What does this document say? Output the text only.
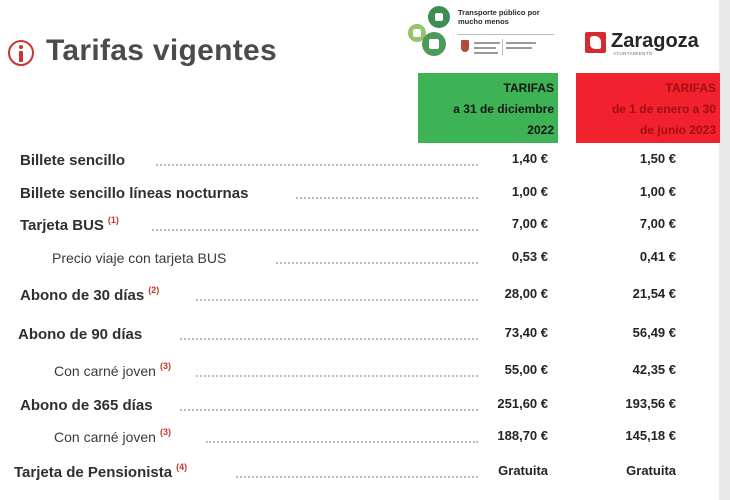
Tarifas vigentes
Transporte público por mucho menos
Zaragoza
AYUNTAMIENTO
TARIFAS
a 31 de diciembre
2022
TARIFAS
de 1 de enero a 30
de junio 2023
Billete sencillo	1,40 €	1,50 €
Billete sencillo líneas nocturnas	1,00 €	1,00 €
Tarjeta BUS $^{(1)}$	7,00 €	7,00 €
Precio viaje con tarjeta BUS	0,53 €	0,41 €
Abono de 30 días $^{(2)}$	28,00 €	21,54 €
Abono de 90 días	73,40 €	56,49 €
Con carné joven $^{(3)}$	55,00 €	42,35 €
Abono de 365 días	251,60 €	193,56 €
Con carné joven $^{(3)}$	188,70 €	145,18 €
Tarjeta de Pensionista $^{(4)}$	Gratuita	Gratuita
